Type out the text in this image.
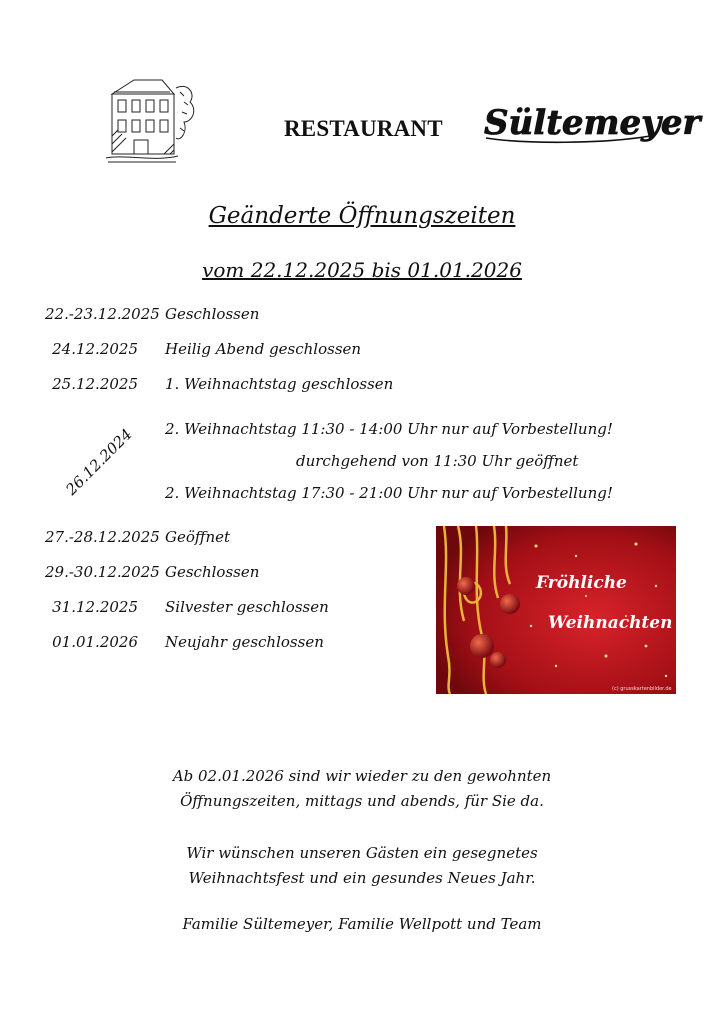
RESTAURANT Sültemeyer
Geänderte Öffnungszeiten
vom 22.12.2025 bis 01.01.2026
22.-23.12.2025 Geschlossen
24.12.2025 Heilig Abend geschlossen
25.12.2025 1. Weihnachtstag geschlossen
26.12.2024 2. Weihnachtstag 11:30 - 14:00 Uhr nur auf Vorbestellung!
durchgehend von 11:30 Uhr geöffnet
2. Weihnachtstag 17:30 - 21:00 Uhr nur auf Vorbestellung!
27.-28.12.2025 Geöffnet
29.-30.12.2025 Geschlossen
31.12.2025 Silvester geschlossen
01.01.2026 Neujahr geschlossen
Fröhliche
Weihnachten
(c) grusskartenbilder.de
Ab 02.01.2026 sind wir wieder zu den gewohnten
Öffnungszeiten, mittags und abends, für Sie da.
Wir wünschen unseren Gästen ein gesegnetes
Weihnachtsfest und ein gesundes Neues Jahr.
Familie Sültemeyer, Familie Wellpott und Team
